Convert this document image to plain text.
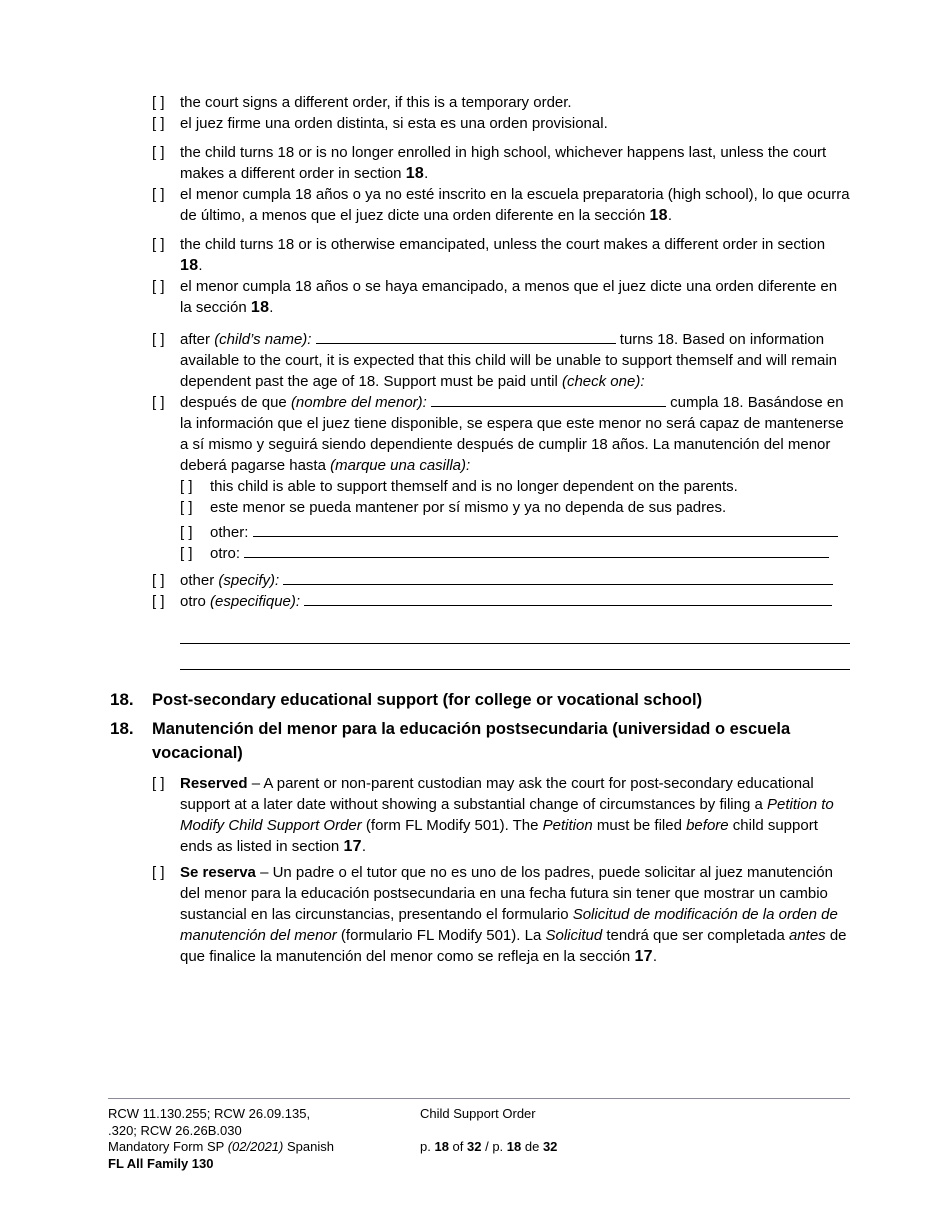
[ ]	the court signs a different order, if this is a temporary order.

[ ]	el juez firme una orden distinta, si esta es una orden provisional.

[ ]	the child turns 18 or is no longer enrolled in high school, whichever happens last, unless the court makes a different order in section 18.

[ ]	el menor cumpla 18 años o ya no esté inscrito en la escuela preparatoria (high school), lo que ocurra de último, a menos que el juez dicte una orden diferente en la sección 18.

[ ]	the child turns 18 or is otherwise emancipated, unless the court makes a different order in section 18.

[ ]	el menor cumpla 18 años o se haya emancipado, a menos que el juez dicte una orden diferente en la sección 18.

[ ]	after (child’s name):	turns 18. Based on information available to the court, it is expected that this child will be unable to support themself and will remain dependent past the age of 18. Support must be paid until (check one):

[ ]	después de que (nombre del menor):	cumpla 18. Basándose en la información que el juez tiene disponible, se espera que este menor no será capaz de mantenerse a sí mismo y seguirá siendo dependiente después de cumplir 18 años. La manutención del menor deberá pagarse hasta (marque una casilla):

[ ]	this child is able to support themself and is no longer dependent on the parents.

[ ]	este menor se pueda mantener por sí mismo y ya no dependa de sus padres.

[ ]	other:

[ ]	otro:

[ ]	other (specify):

[ ]	otro (especifique):

18.	Post-secondary educational support (for college or vocational school)
18.	Manutención del menor para la educación postsecundaria (universidad o escuela vocacional)
[ ]	Reserved – A parent or non-parent custodian may ask the court for post-secondary educational support at a later date without showing a substantial change of circumstances by filing a Petition to Modify Child Support Order (form FL Modify 501). The Petition must be filed before child support ends as listed in section 17.

[ ]	Se reserva – Un padre o el tutor que no es uno de los padres, puede solicitar al juez manutención del menor para la educación postsecundaria en una fecha futura sin tener que mostrar un cambio sustancial en las circunstancias, presentando el formulario Solicitud de modificación de la orden de manutención del menor (formulario FL Modify 501). La Solicitud tendrá que ser completada antes de que finalice la manutención del menor como se refleja en la sección 17.

RCW 11.130.255; RCW 26.09.135,

.320; RCW 26.26B.030

Mandatory Form SP (02/2021) Spanish

FL All Family 130

Child Support Order

p. 18 of 32 / p. 18 de 32
